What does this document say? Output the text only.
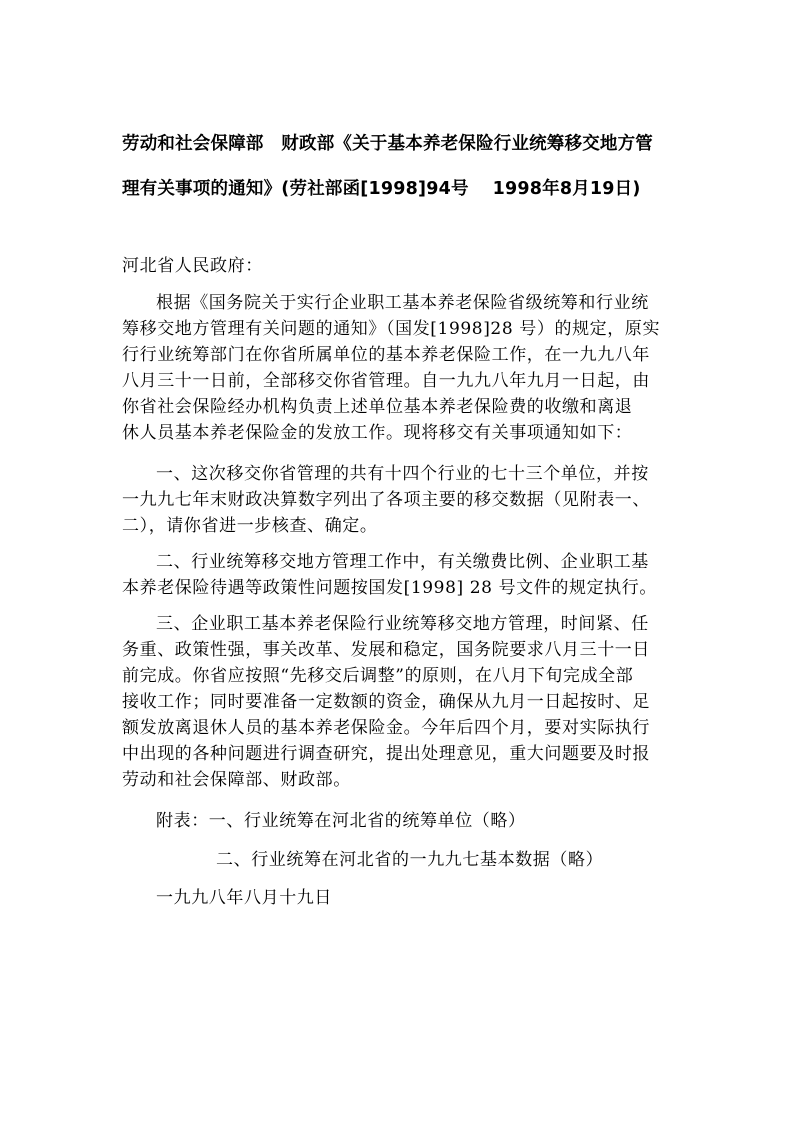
劳动和社会保障部　财政部《关于基本养老保险行业统筹移交地方管
理有关事项的通知》(劳社部函[1998]94号　 1998年8月19日)
河北省人民政府：
根据《国务院关于实行企业职工基本养老保险省级统筹和行业统
筹移交地方管理有关问题的通知》（国发[1998]28 号）的规定，原实
行行业统筹部门在你省所属单位的基本养老保险工作，在一九九八年
八月三十一日前，全部移交你省管理。自一九九八年九月一日起，由
你省社会保险经办机构负责上述单位基本养老保险费的收缴和离退
休人员基本养老保险金的发放工作。现将移交有关事项通知如下：
一、这次移交你省管理的共有十四个行业的七十三个单位，并按
一九九七年末财政决算数字列出了各项主要的移交数据（见附表一、
二），请你省进一步核查、确定。
二、行业统筹移交地方管理工作中，有关缴费比例、企业职工基
本养老保险待遇等政策性问题按国发[1998] 28 号文件的规定执行。
三、企业职工基本养老保险行业统筹移交地方管理，时间紧、任
务重、政策性强，事关改革、发展和稳定，国务院要求八月三十一日
前完成。你省应按照“先移交后调整”的原则，在八月下旬完成全部
接收工作；同时要准备一定数额的资金，确保从九月一日起按时、足
额发放离退休人员的基本养老保险金。今年后四个月，要对实际执行
中出现的各种问题进行调查研究，提出处理意见，重大问题要及时报
劳动和社会保障部、财政部。
附表：一、行业统筹在河北省的统筹单位（略）
二、行业统筹在河北省的一九九七基本数据（略）
一九九八年八月十九日
